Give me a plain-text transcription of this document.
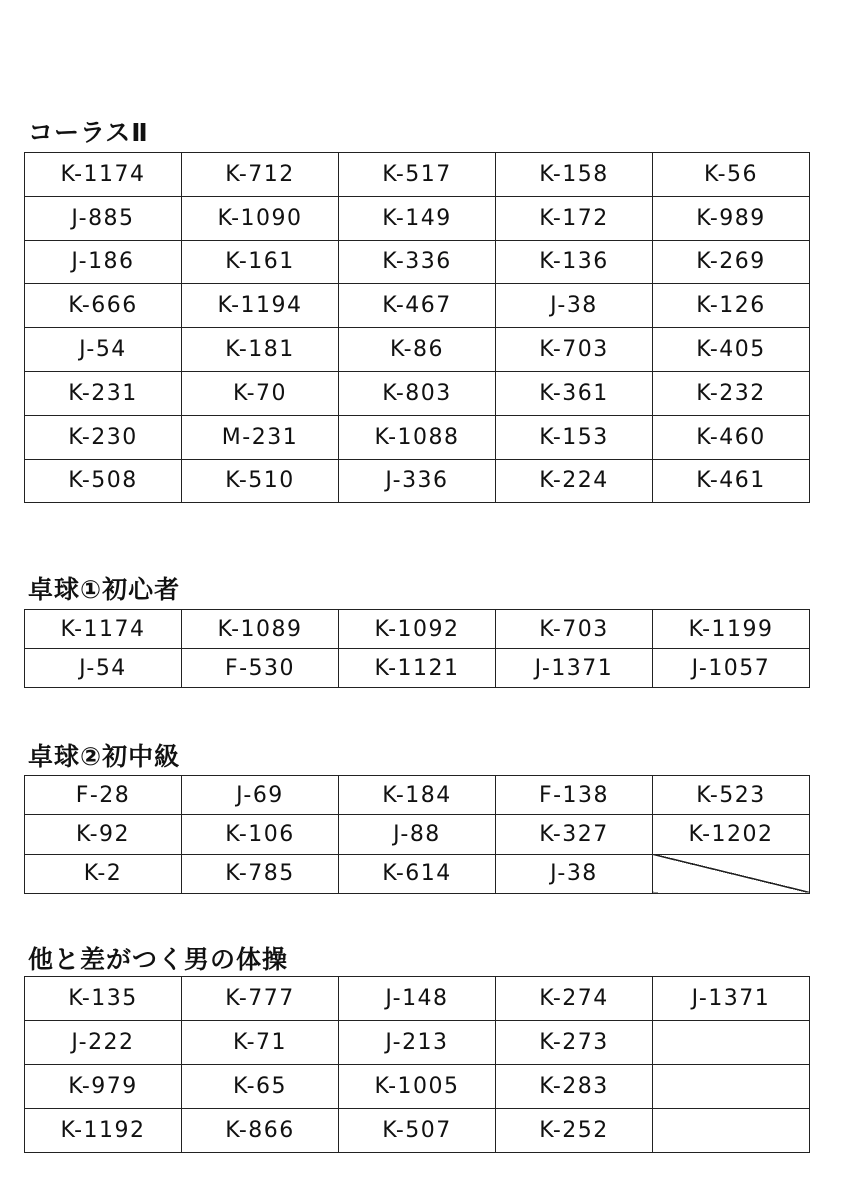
コーラスⅡ
K-1174	K-712	K-517	K-158	K-56
J-885	K-1090	K-149	K-172	K-989
J-186	K-161	K-336	K-136	K-269
K-666	K-1194	K-467	J-38	K-126
J-54	K-181	K-86	K-703	K-405
K-231	K-70	K-803	K-361	K-232
K-230	M-231	K-1088	K-153	K-460
K-508	K-510	J-336	K-224	K-461
卓球①初心者
K-1174	K-1089	K-1092	K-703	K-1199
J-54	F-530	K-1121	J-1371	J-1057
卓球②初中級
F-28	J-69	K-184	F-138	K-523
K-92	K-106	J-88	K-327	K-1202
K-2	K-785	K-614	J-38	
他と差がつく男の体操
K-135	K-777	J-148	K-274	J-1371
J-222	K-71	J-213	K-273	
K-979	K-65	K-1005	K-283	
K-1192	K-866	K-507	K-252	
